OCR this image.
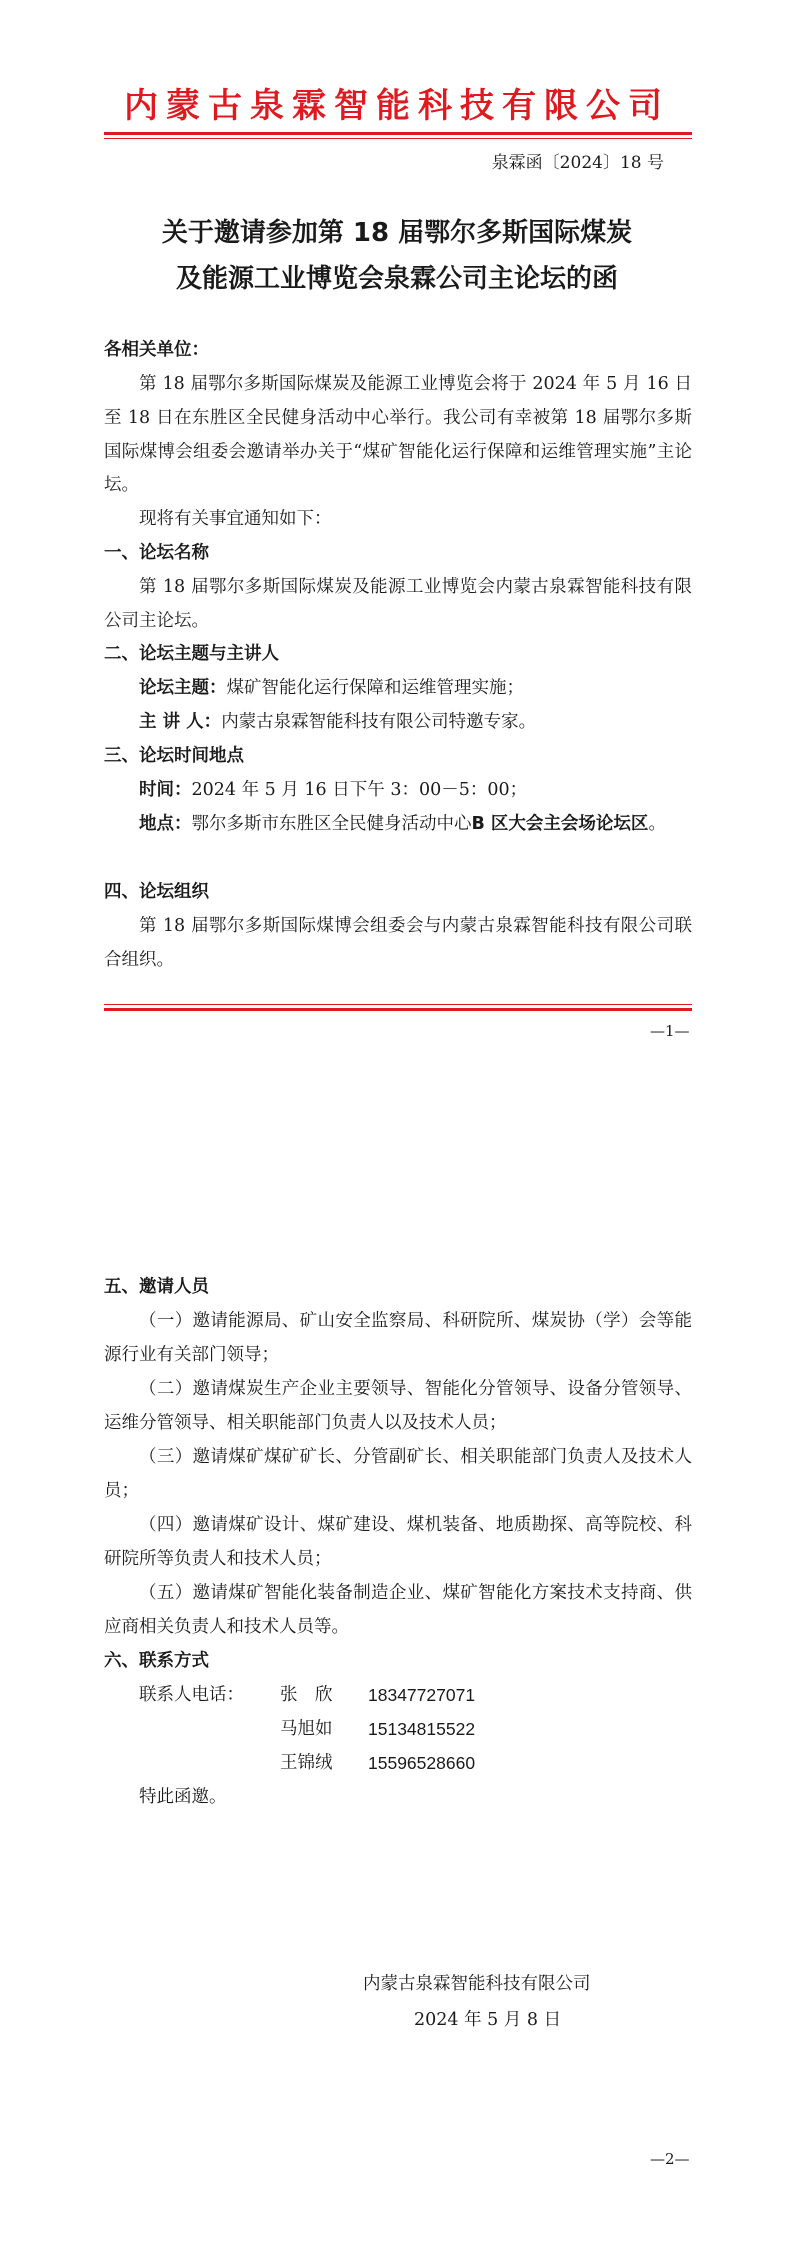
内蒙古泉霖智能科技有限公司
泉霖函〔2024〕18 号
关于邀请参加第 18 届鄂尔多斯国际煤炭
及能源工业博览会泉霖公司主论坛的函
各相关单位：
第 18 届鄂尔多斯国际煤炭及能源工业博览会将于 2024 年 5 月 16 日至 18 日在东胜区全民健身活动中心举行。我公司有幸被第 18 届鄂尔多斯国际煤博会组委会邀请举办关于“煤矿智能化运行保障和运维管理实施”主论坛。
现将有关事宜通知如下：
一、论坛名称
第 18 届鄂尔多斯国际煤炭及能源工业博览会内蒙古泉霖智能科技有限公司主论坛。
二、论坛主题与主讲人
论坛主题：煤矿智能化运行保障和运维管理实施；
主 讲 人：内蒙古泉霖智能科技有限公司特邀专家。
三、论坛时间地点
时间：2024 年 5 月 16 日下午 3：00－5：00；
地点：鄂尔多斯市东胜区全民健身活动中心B 区大会主会场论坛区。
四、论坛组织
第 18 届鄂尔多斯国际煤博会组委会与内蒙古泉霖智能科技有限公司联合组织。
—1—
五、邀请人员
（一）邀请能源局、矿山安全监察局、科研院所、煤炭协（学）会等能源行业有关部门领导；
（二）邀请煤炭生产企业主要领导、智能化分管领导、设备分管领导、运维分管领导、相关职能部门负责人以及技术人员；
（三）邀请煤矿煤矿矿长、分管副矿长、相关职能部门负责人及技术人员；
（四）邀请煤矿设计、煤矿建设、煤机装备、地质勘探、高等院校、科研院所等负责人和技术人员；
（五）邀请煤矿智能化装备制造企业、煤矿智能化方案技术支持商、供应商相关负责人和技术人员等。
六、联系方式
联系人电话： 张　欣 18347727071
马旭如 15134815522
王锦绒 15596528660
特此函邀。
内蒙古泉霖智能科技有限公司
2024 年 5 月 8 日
—2—
